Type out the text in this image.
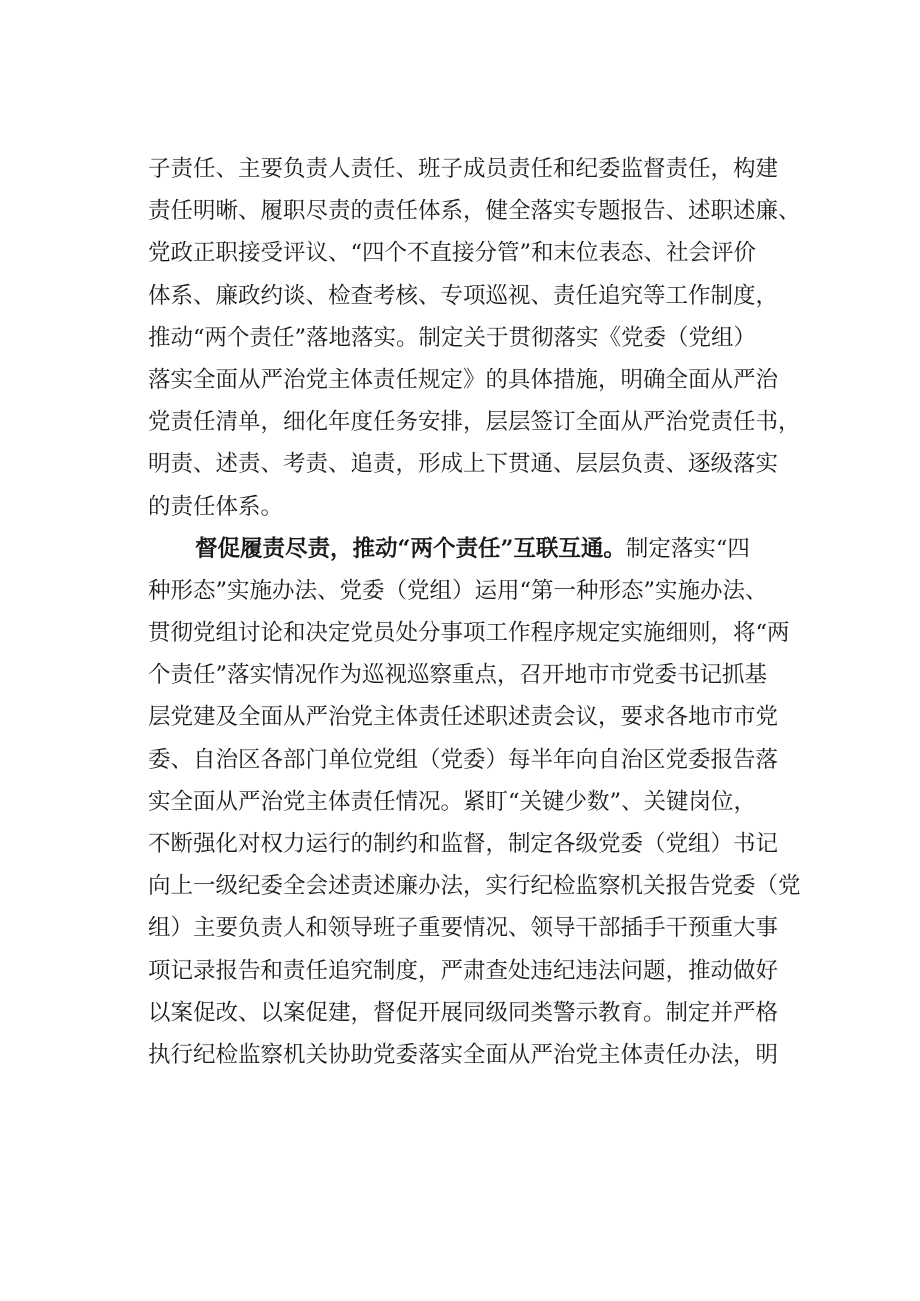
子责任、主要负责人责任、班子成员责任和纪委监督责任，构建
责任明晰、履职尽责的责任体系，健全落实专题报告、述职述廉、
党政正职接受评议、“四个不直接分管”和末位表态、社会评价
体系、廉政约谈、检查考核、专项巡视、责任追究等工作制度，
推动“两个责任”落地落实。制定关于贯彻落实《党委（党组）
落实全面从严治党主体责任规定》的具体措施，明确全面从严治
党责任清单，细化年度任务安排，层层签订全面从严治党责任书，
明责、述责、考责、追责，形成上下贯通、层层负责、逐级落实
的责任体系。
督促履责尽责，推动“两个责任”互联互通。制定落实“四
种形态”实施办法、党委（党组）运用“第一种形态”实施办法、
贯彻党组讨论和决定党员处分事项工作程序规定实施细则，将“两
个责任”落实情况作为巡视巡察重点，召开地市市党委书记抓基
层党建及全面从严治党主体责任述职述责会议，要求各地市市党
委、自治区各部门单位党组（党委）每半年向自治区党委报告落
实全面从严治党主体责任情况。紧盯“关键少数”、关键岗位，
不断强化对权力运行的制约和监督，制定各级党委（党组）书记
向上一级纪委全会述责述廉办法，实行纪检监察机关报告党委（党
组）主要负责人和领导班子重要情况、领导干部插手干预重大事
项记录报告和责任追究制度，严肃查处违纪违法问题，推动做好
以案促改、以案促建，督促开展同级同类警示教育。制定并严格
执行纪检监察机关协助党委落实全面从严治党主体责任办法，明
